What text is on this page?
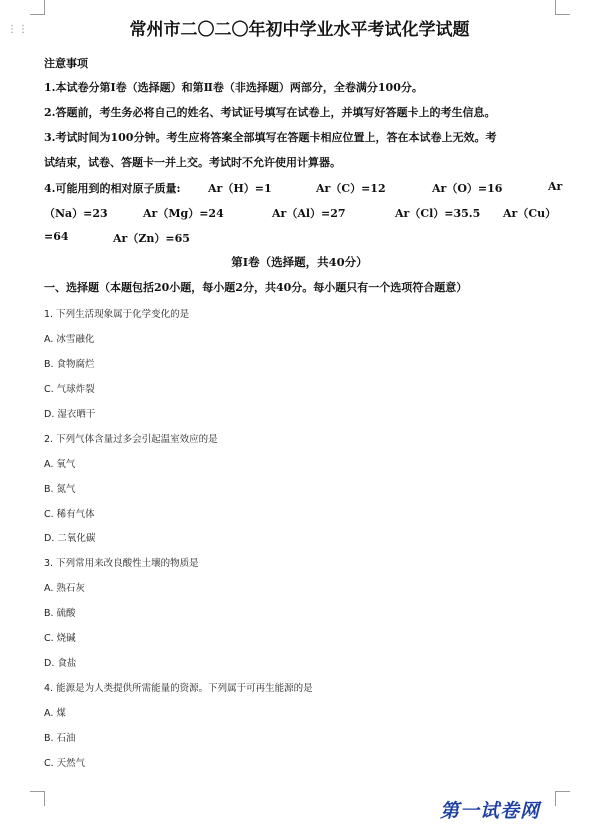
⋮⋮	常州市二〇二〇年初中学业水平考试化学试题
注意事项
1.本试卷分第Ⅰ卷（选择题）和第Ⅱ卷（非选择题）两部分，全卷满分100分。
2.答题前，考生务必将自己的姓名、考试证号填写在试卷上，并填写好答题卡上的考生信息。
3.考试时间为100分钟。考生应将答案全部填写在答题卡相应位置上，答在本试卷上无效。考
试结束，试卷、答题卡一并上交。考试时不允许使用计算器。
4.可能用到的相对原子质量: Ar（H）=1	Ar（C）=12	Ar（O）=16	Ar
（Na）=23	Ar（Mg）=24	Ar（Al）=27	Ar（Cl）=35.5 Ar（Cu）
=64	Ar（Zn）=65
第Ⅰ卷（选择题，共40分）
一、选择题（本题包括20小题，每小题2分，共40分。每小题只有一个选项符合题意）
1. 下列生活现象属于化学变化的是
A. 冰雪融化
B. 食物腐烂
C. 气球炸裂
D. 湿衣晒干
2. 下列气体含量过多会引起温室效应的是
A. 氧气
B. 氮气
C. 稀有气体
D. 二氧化碳
3. 下列常用来改良酸性土壤的物质是
A. 熟石灰
B. 硫酸
C. 烧碱
D. 食盐
4. 能源是为人类提供所需能量的资源。下列属于可再生能源的是
A. 煤
B. 石油
C. 天然气
第一试卷网
